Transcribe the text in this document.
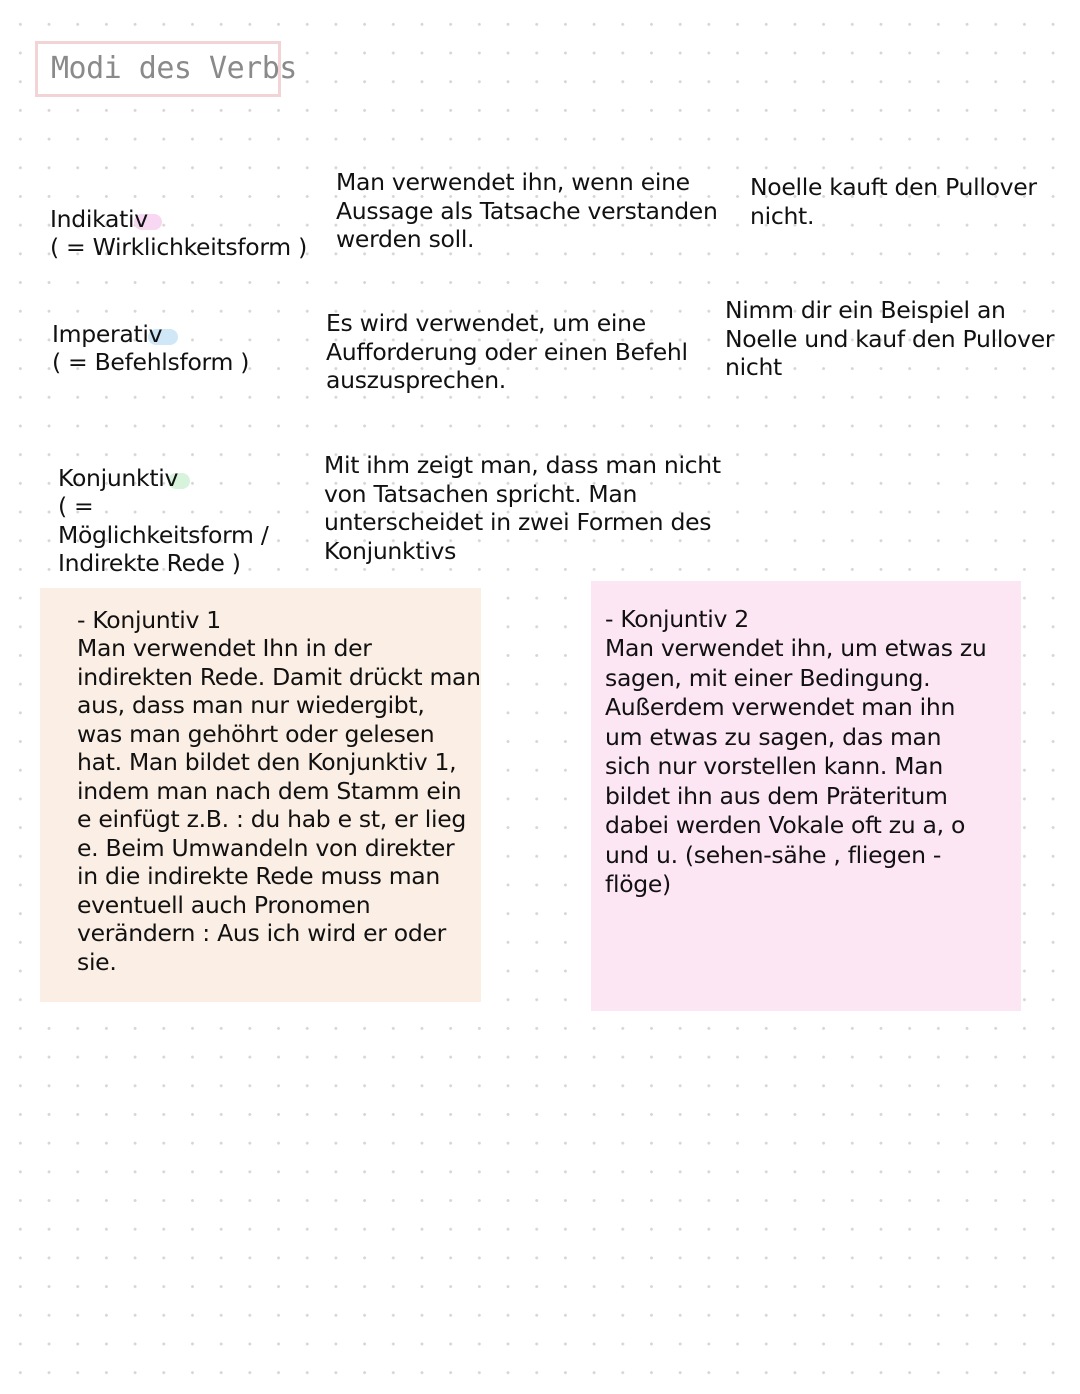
Modi des Verbs

Indikativ

( = Wirklichkeitsform )

Man verwendet ihn, wenn eine
Aussage als Tatsache verstanden
werden soll.
Noelle kauft den Pullover
nicht.

Imperativ

( = Befehlsform )

Es wird verwendet, um eine
Aufforderung oder einen Befehl
auszusprechen.
Nimm dir ein Beispiel an
Noelle und kauf den Pullover
nicht

Konjunktiv

( =
Möglichkeitsform /
Indirekte Rede )

Mit ihm zeigt man, dass man nicht
von Tatsachen spricht. Man
unterscheidet in zwei Formen des
Konjunktivs
- Konjuntiv 1
Man verwendet Ihn in der
indirekten Rede. Damit drückt man
aus, dass man nur wiedergibt,
was man gehöhrt oder gelesen
hat. Man bildet den Konjunktiv 1,
indem man nach dem Stamm ein
e einfügt z.B. : du hab e st, er lieg
e. Beim Umwandeln von direkter
in die indirekte Rede muss man
eventuell auch Pronomen
verändern : Aus ich wird er oder
sie.
- Konjuntiv 2
Man verwendet ihn, um etwas zu
sagen, mit einer Bedingung.
Außerdem verwendet man ihn
um etwas zu sagen, das man
sich nur vorstellen kann. Man
bildet ihn aus dem Präteritum
dabei werden Vokale oft zu a, o
und u. (sehen-sähe , fliegen -
flöge)
